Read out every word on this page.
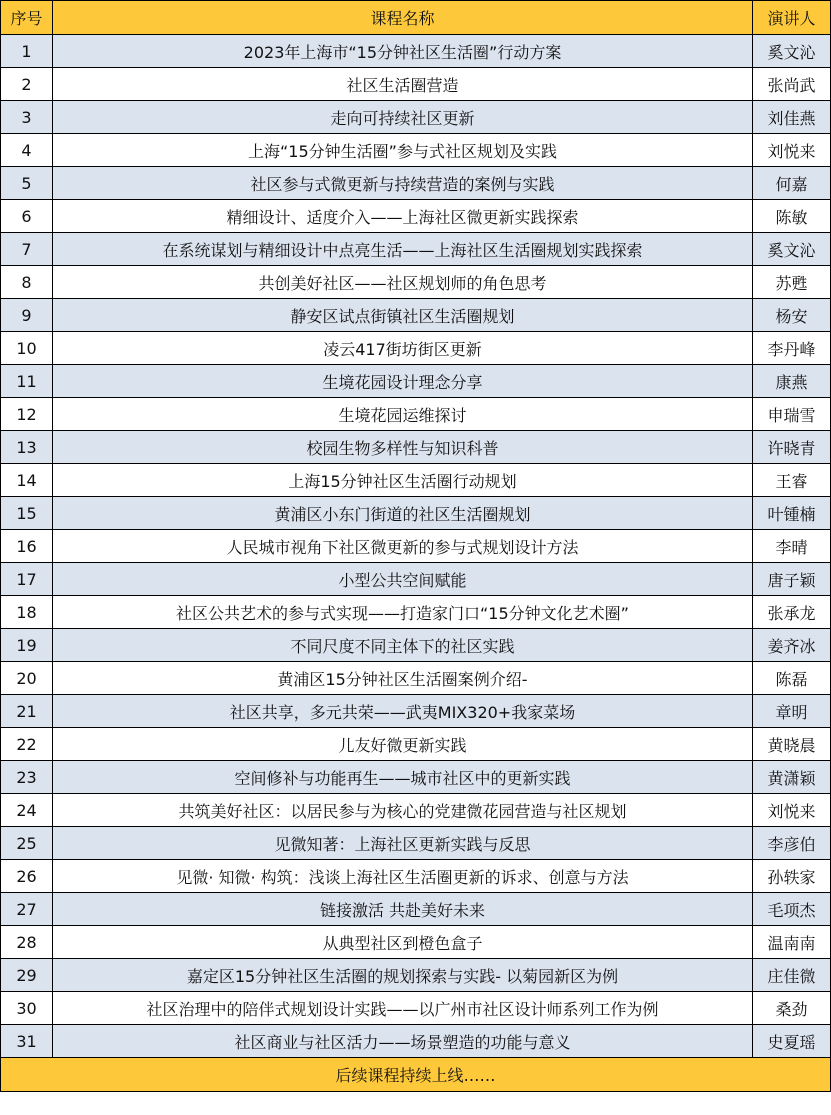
序号	课程名称	演讲人
1	2023年上海市“15分钟社区生活圈”行动方案	奚文沁
2	社区生活圈营造	张尚武
3	走向可持续社区更新	刘佳燕
4	上海“15分钟生活圈”参与式社区规划及实践	刘悦来
5	社区参与式微更新与持续营造的案例与实践	何嘉
6	精细设计、适度介入——上海社区微更新实践探索	陈敏
7	在系统谋划与精细设计中点亮生活——上海社区生活圈规划实践探索	奚文沁
8	共创美好社区——社区规划师的角色思考	苏甦
9	静安区试点街镇社区生活圈规划	杨安
10	凌云417街坊街区更新	李丹峰
11	生境花园设计理念分享	康燕
12	生境花园运维探讨	申瑞雪
13	校园生物多样性与知识科普	许晓青
14	上海15分钟社区生活圈行动规划	王睿
15	黄浦区小东门街道的社区生活圈规划	叶锺楠
16	人民城市视角下社区微更新的参与式规划设计方法	李晴
17	小型公共空间赋能	唐子颖
18	社区公共艺术的参与式实现——打造家门口“15分钟文化艺术圈”	张承龙
19	不同尺度不同主体下的社区实践	姜齐冰
20	黄浦区15分钟社区生活圈案例介绍-	陈磊
21	社区共享，多元共荣——武夷MIX320+我家菜场	章明
22	儿友好微更新实践	黄晓晨
23	空间修补与功能再生——城市社区中的更新实践	黄潇颖
24	共筑美好社区：以居民参与为核心的党建微花园营造与社区规划	刘悦来
25	见微知著：上海社区更新实践与反思	李彦伯
26	见微· 知微· 构筑：浅谈上海社区生活圈更新的诉求、创意与方法	孙轶家
27	链接激活 共赴美好未来	毛项杰
28	从典型社区到橙色盒子	温南南
29	嘉定区15分钟社区生活圈的规划探索与实践- 以菊园新区为例	庄佳微
30	社区治理中的陪伴式规划设计实践——以广州市社区设计师系列工作为例	桑劲
31	社区商业与社区活力——场景塑造的功能与意义	史夏瑶
后续课程持续上线……		
